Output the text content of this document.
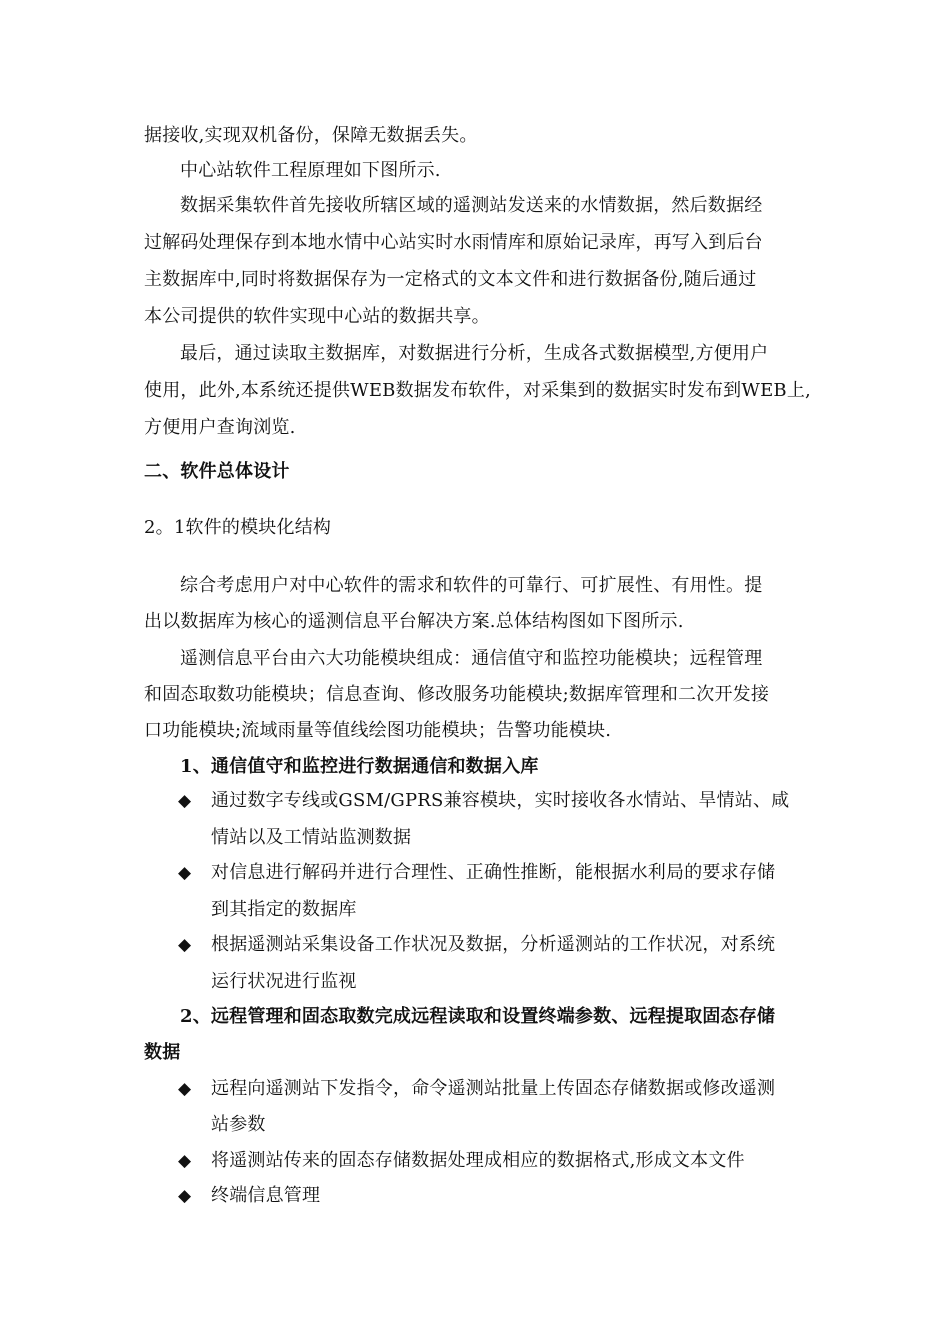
据接收,实现双机备份，保障无数据丢失。
中心站软件工程原理如下图所示.
数据采集软件首先接收所辖区域的遥测站发送来的水情数据，然后数据经
过解码处理保存到本地水情中心站实时水雨情库和原始记录库，再写入到后台
主数据库中,同时将数据保存为一定格式的文本文件和进行数据备份,随后通过
本公司提供的软件实现中心站的数据共享。
最后，通过读取主数据库，对数据进行分析，生成各式数据模型,方便用户
使用，此外,本系统还提供WEB数据发布软件，对采集到的数据实时发布到WEB上,
方便用户查询浏览.
二、软件总体设计
2。1软件的模块化结构
综合考虑用户对中心软件的需求和软件的可靠行、可扩展性、有用性。提
出以数据库为核心的遥测信息平台解决方案.总体结构图如下图所示.
遥测信息平台由六大功能模块组成：通信值守和监控功能模块；远程管理
和固态取数功能模块；信息查询、修改服务功能模块;数据库管理和二次开发接
口功能模块;流域雨量等值线绘图功能模块；告警功能模块.
1、通信值守和监控进行数据通信和数据入库
◆ 通过数字专线或GSM/GPRS兼容模块，实时接收各水情站、旱情站、咸
情站以及工情站监测数据
◆ 对信息进行解码并进行合理性、正确性推断，能根据水利局的要求存储
到其指定的数据库
◆ 根据遥测站采集设备工作状况及数据，分析遥测站的工作状况，对系统
运行状况进行监视
2、远程管理和固态取数完成远程读取和设置终端参数、远程提取固态存储
数据
◆ 远程向遥测站下发指令，命令遥测站批量上传固态存储数据或修改遥测
站参数
◆ 将遥测站传来的固态存储数据处理成相应的数据格式,形成文本文件
◆ 终端信息管理
